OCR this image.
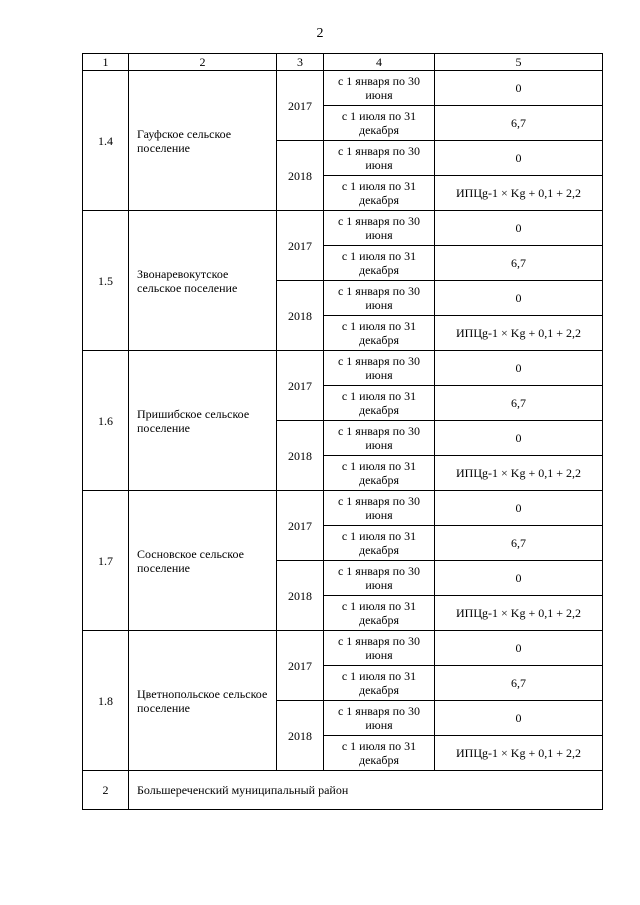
2
1	2	3	4	5
1.4	Гауфское сельское поселение	2017	с 1 января по 30 июня	0
			с 1 июля по 31 декабря	6,7
		2018	с 1 января по 30 июня	0
			с 1 июля по 31 декабря	ИПЦg-1 × Kg + 0,1 + 2,2
1.5	Звонаревокутское сельское поселение	2017	с 1 января по 30 июня	0
			с 1 июля по 31 декабря	6,7
		2018	с 1 января по 30 июня	0
			с 1 июля по 31 декабря	ИПЦg-1 × Kg + 0,1 + 2,2
1.6	Пришибское сельское поселение	2017	с 1 января по 30 июня	0
			с 1 июля по 31 декабря	6,7
		2018	с 1 января по 30 июня	0
			с 1 июля по 31 декабря	ИПЦg-1 × Kg + 0,1 + 2,2
1.7	Сосновское сельское поселение	2017	с 1 января по 30 июня	0
			с 1 июля по 31 декабря	6,7
		2018	с 1 января по 30 июня	0
			с 1 июля по 31 декабря	ИПЦg-1 × Kg + 0,1 + 2,2
1.8	Цветнопольское сельское поселение	2017	с 1 января по 30 июня	0
			с 1 июля по 31 декабря	6,7
		2018	с 1 января по 30 июня	0
			с 1 июля по 31 декабря	ИПЦg-1 × Kg + 0,1 + 2,2
2	Большереченский муниципальный район			
